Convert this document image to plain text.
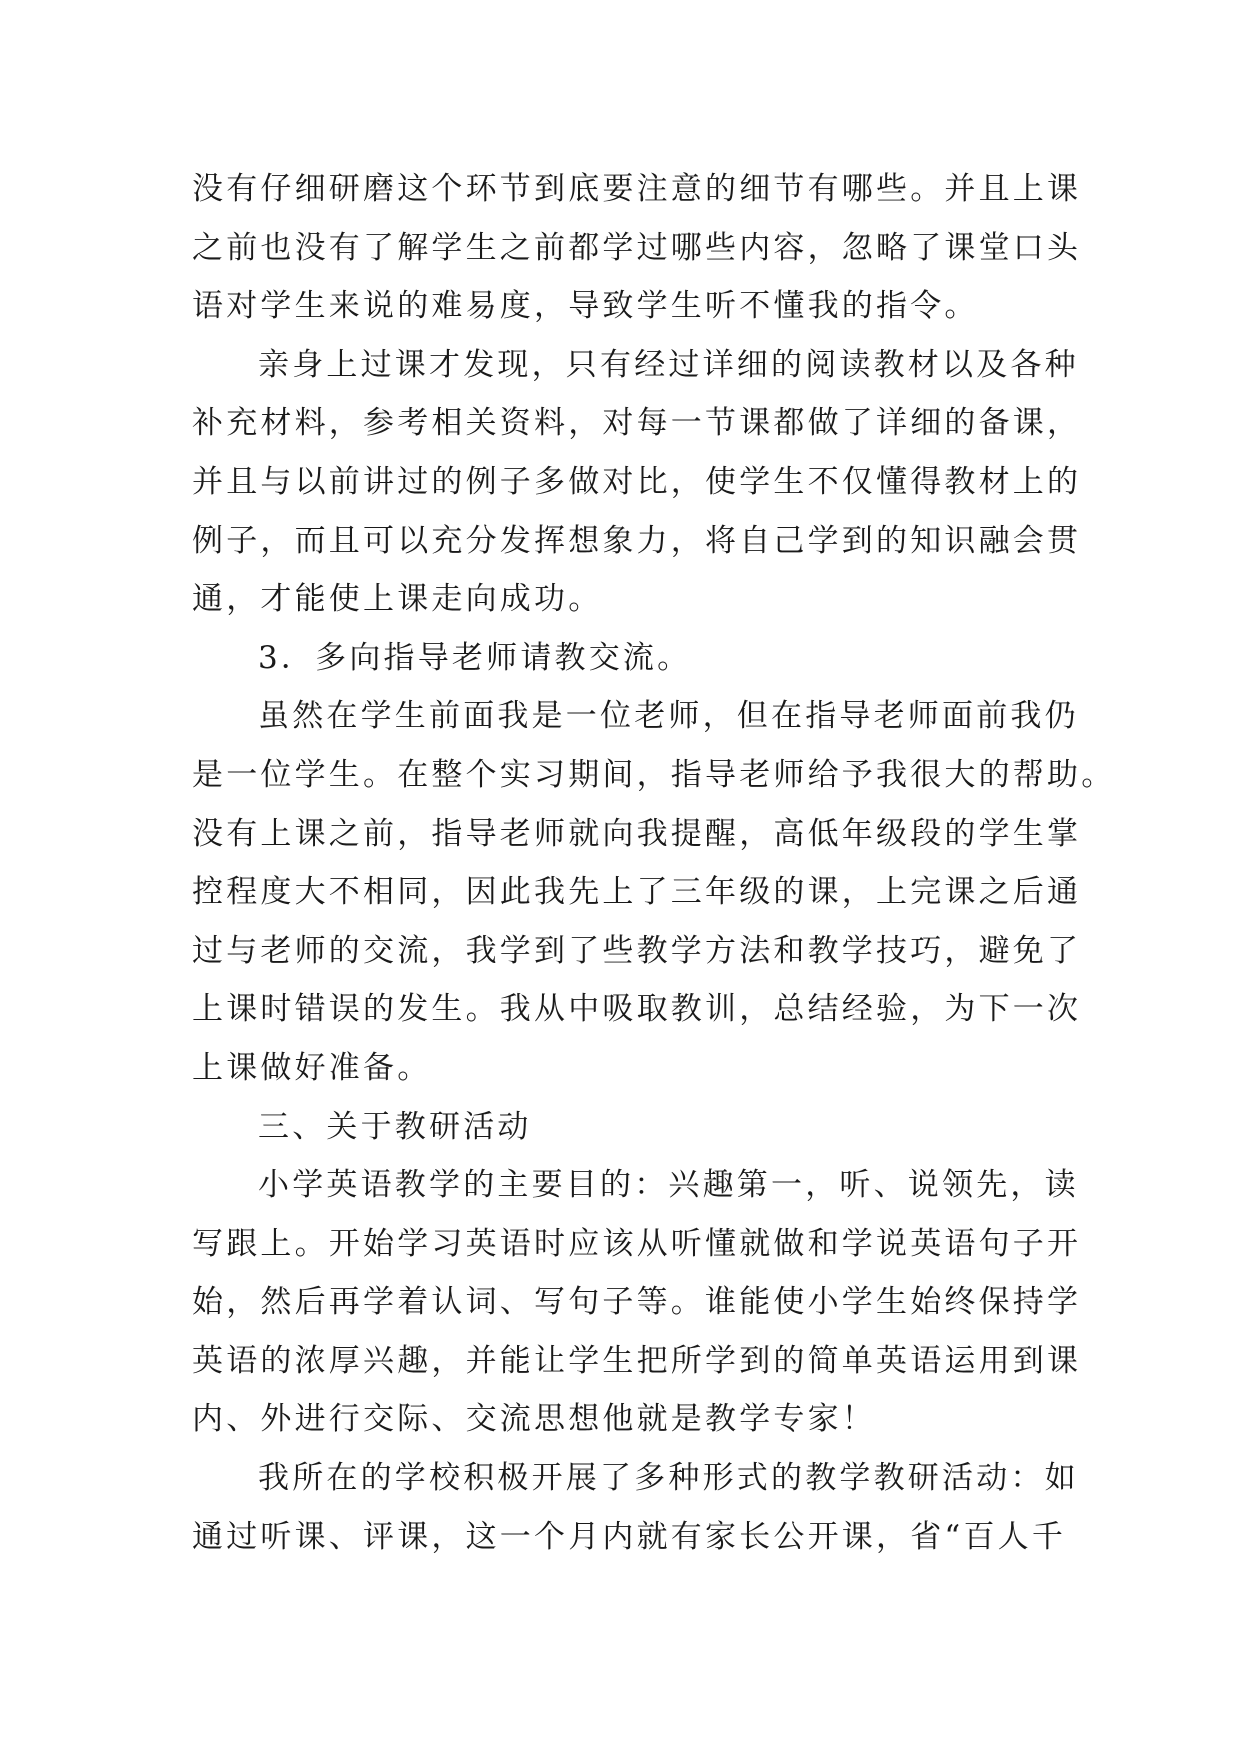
没有仔细研磨这个环节到底要注意的细节有哪些。并且上课
之前也没有了解学生之前都学过哪些内容，忽略了课堂口头
语对学生来说的难易度，导致学生听不懂我的指令。
亲身上过课才发现，只有经过详细的阅读教材以及各种
补充材料，参考相关资料，对每一节课都做了详细的备课，
并且与以前讲过的例子多做对比，使学生不仅懂得教材上的
例子，而且可以充分发挥想象力，将自己学到的知识融会贯
通，才能使上课走向成功。
3．多向指导老师请教交流。
虽然在学生前面我是一位老师，但在指导老师面前我仍
是一位学生。在整个实习期间，指导老师给予我很大的帮助。
没有上课之前，指导老师就向我提醒，高低年级段的学生掌
控程度大不相同，因此我先上了三年级的课，上完课之后通
过与老师的交流，我学到了些教学方法和教学技巧，避免了
上课时错误的发生。我从中吸取教训，总结经验，为下一次
上课做好准备。
三、关于教研活动
小学英语教学的主要目的：兴趣第一，听、说领先，读
写跟上。开始学习英语时应该从听懂就做和学说英语句子开
始，然后再学着认词、写句子等。谁能使小学生始终保持学
英语的浓厚兴趣，并能让学生把所学到的简单英语运用到课
内、外进行交际、交流思想他就是教学专家！
我所在的学校积极开展了多种形式的教学教研活动：如
通过听课、评课，这一个月内就有家长公开课，省“百人千
